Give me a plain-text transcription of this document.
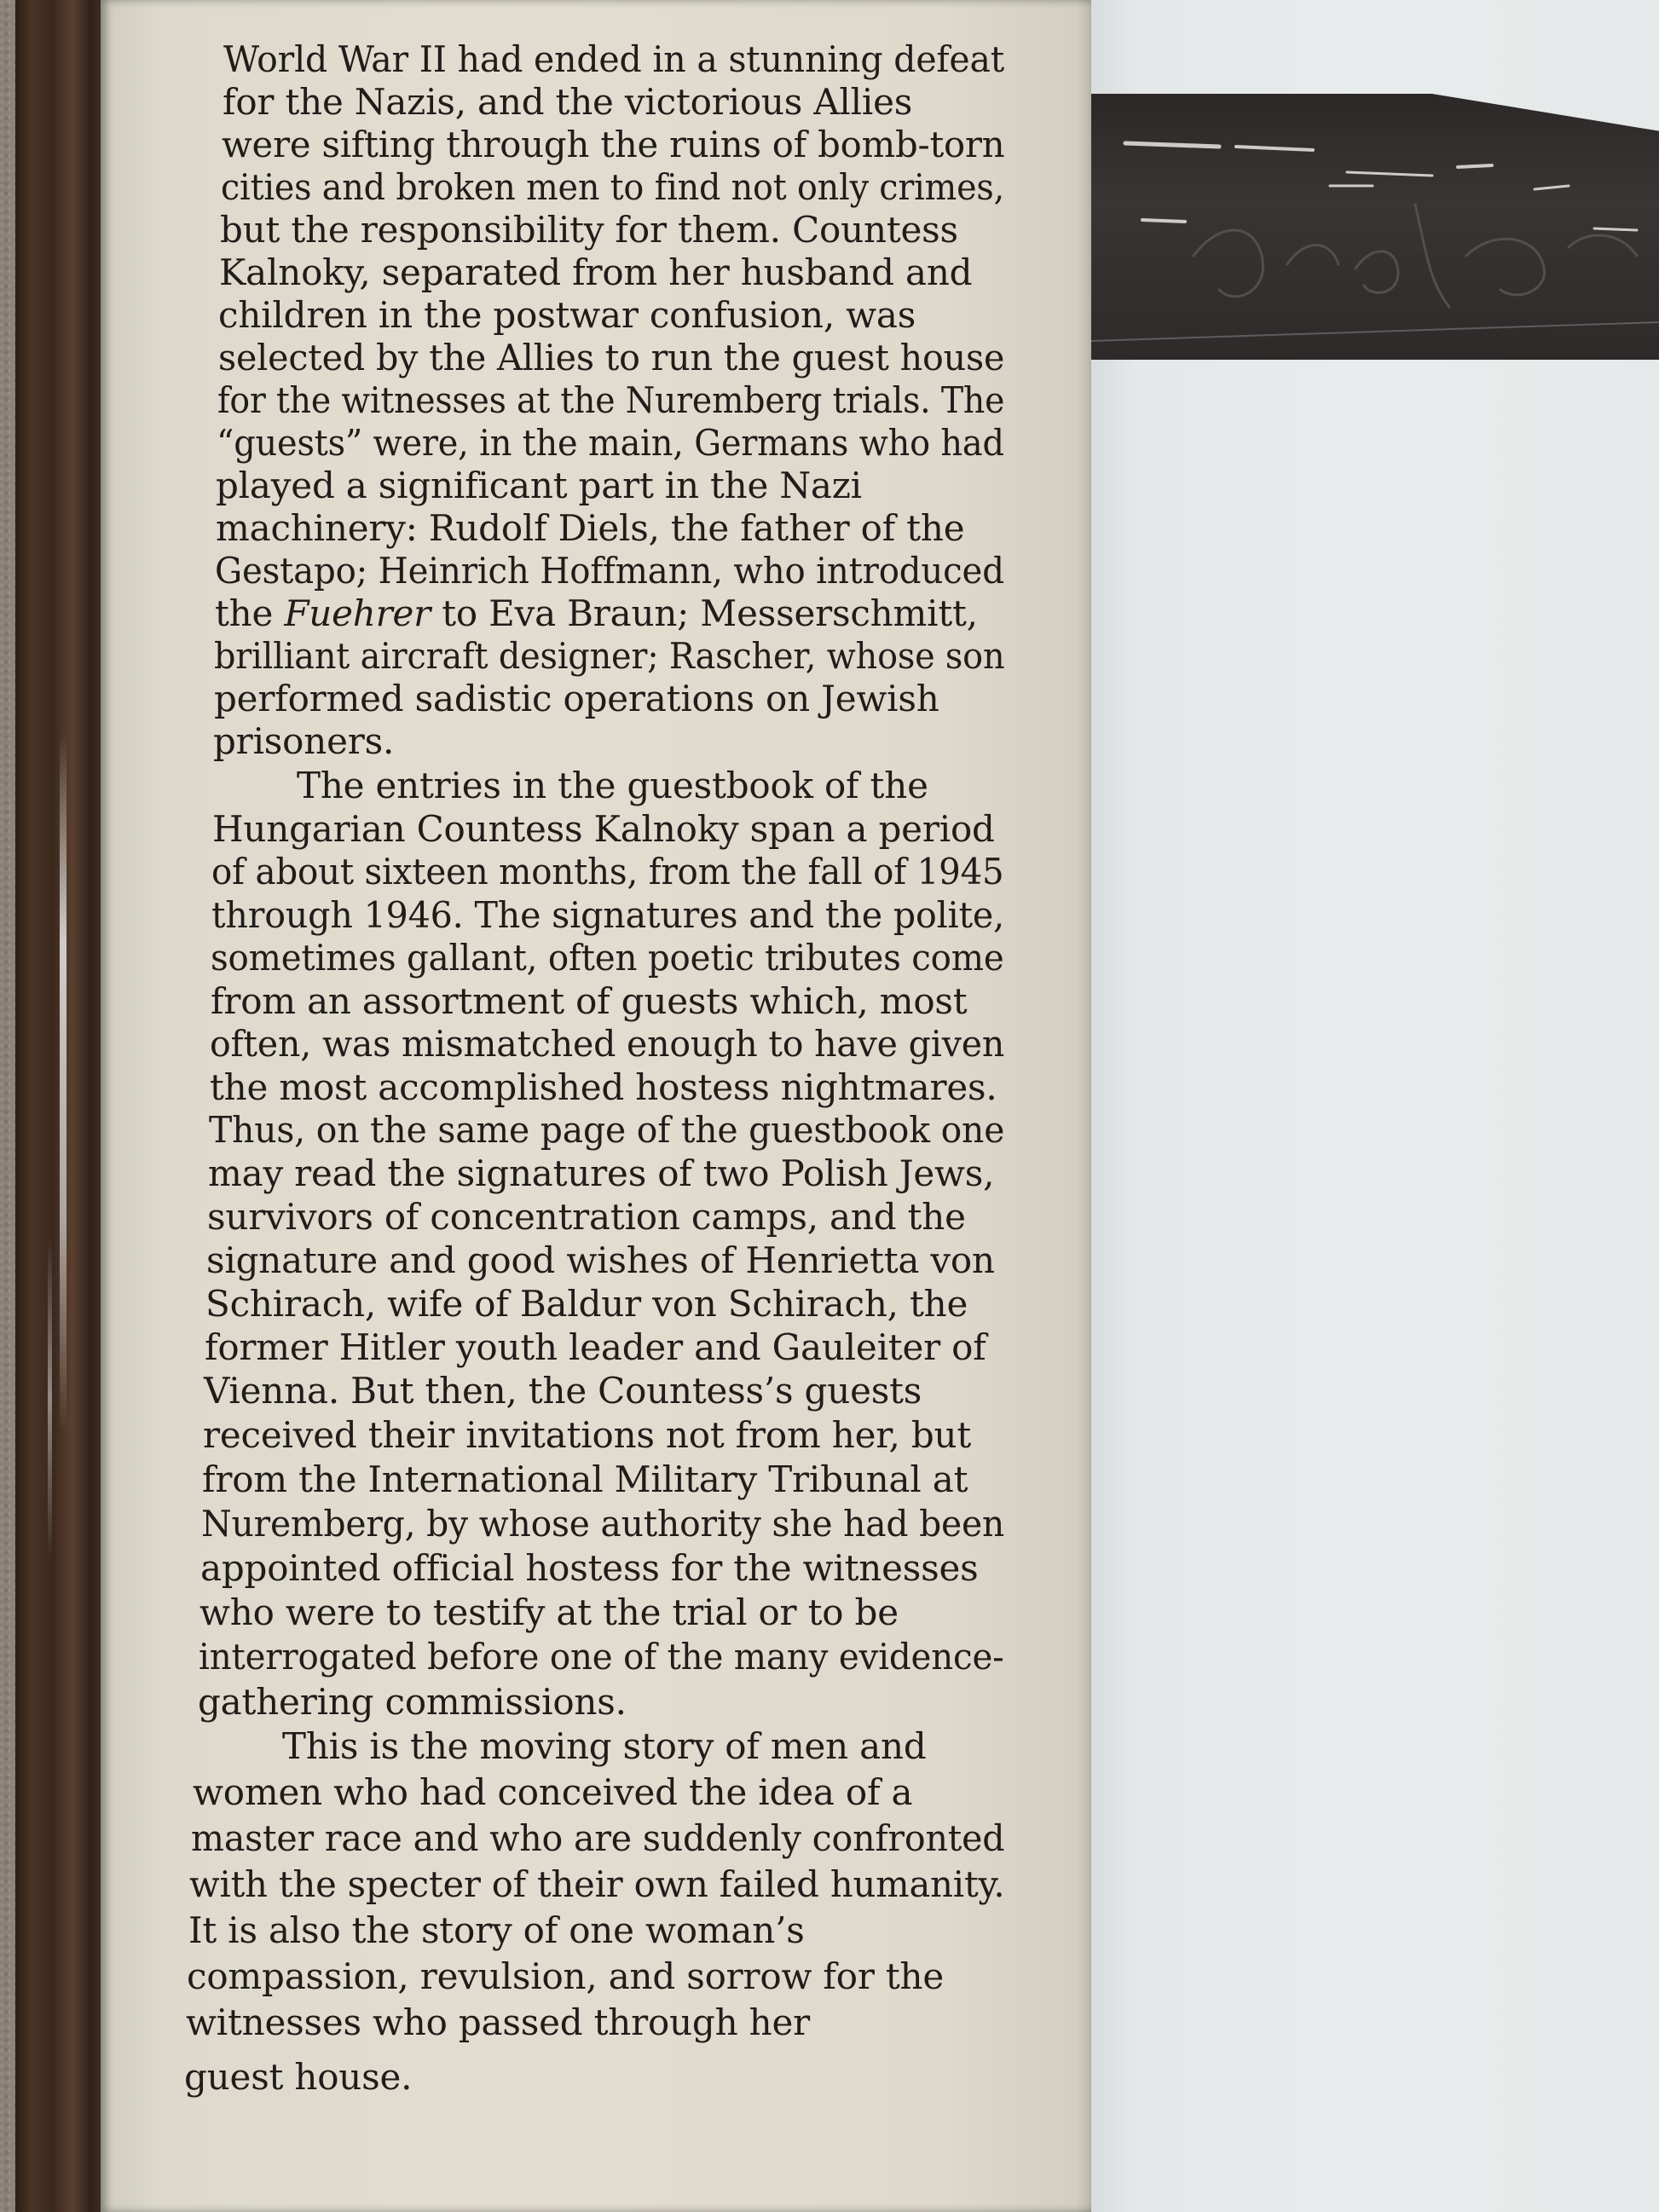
World War II had ended in a stunning defeat
for the Nazis, and the victorious Allies
were sifting through the ruins of bomb-torn
cities and broken men to find not only crimes,
but the responsibility for them. Countess
Kalnoky, separated from her husband and
children in the postwar confusion, was
selected by the Allies to run the guest house
for the witnesses at the Nuremberg trials. The
“guests” were, in the main, Germans who had
played a significant part in the Nazi
machinery: Rudolf Diels, the father of the
Gestapo; Heinrich Hoffmann, who introduced
the Fuehrer to Eva Braun; Messerschmitt,
brilliant aircraft designer; Rascher, whose son
performed sadistic operations on Jewish
prisoners.
The entries in the guestbook of the
Hungarian Countess Kalnoky span a period
of about sixteen months, from the fall of 1945
through 1946. The signatures and the polite,
sometimes gallant, often poetic tributes come
from an assortment of guests which, most
often, was mismatched enough to have given
the most accomplished hostess nightmares.
Thus, on the same page of the guestbook one
may read the signatures of two Polish Jews,
survivors of concentration camps, and the
signature and good wishes of Henrietta von
Schirach, wife of Baldur von Schirach, the
former Hitler youth leader and Gauleiter of
Vienna. But then, the Countess’s guests
received their invitations not from her, but
from the International Military Tribunal at
Nuremberg, by whose authority she had been
appointed official hostess for the witnesses
who were to testify at the trial or to be
interrogated before one of the many evidence-
gathering commissions.
This is the moving story of men and
women who had conceived the idea of a
master race and who are suddenly confronted
with the specter of their own failed humanity.
It is also the story of one woman’s
compassion, revulsion, and sorrow for the
witnesses who passed through her
guest house.
